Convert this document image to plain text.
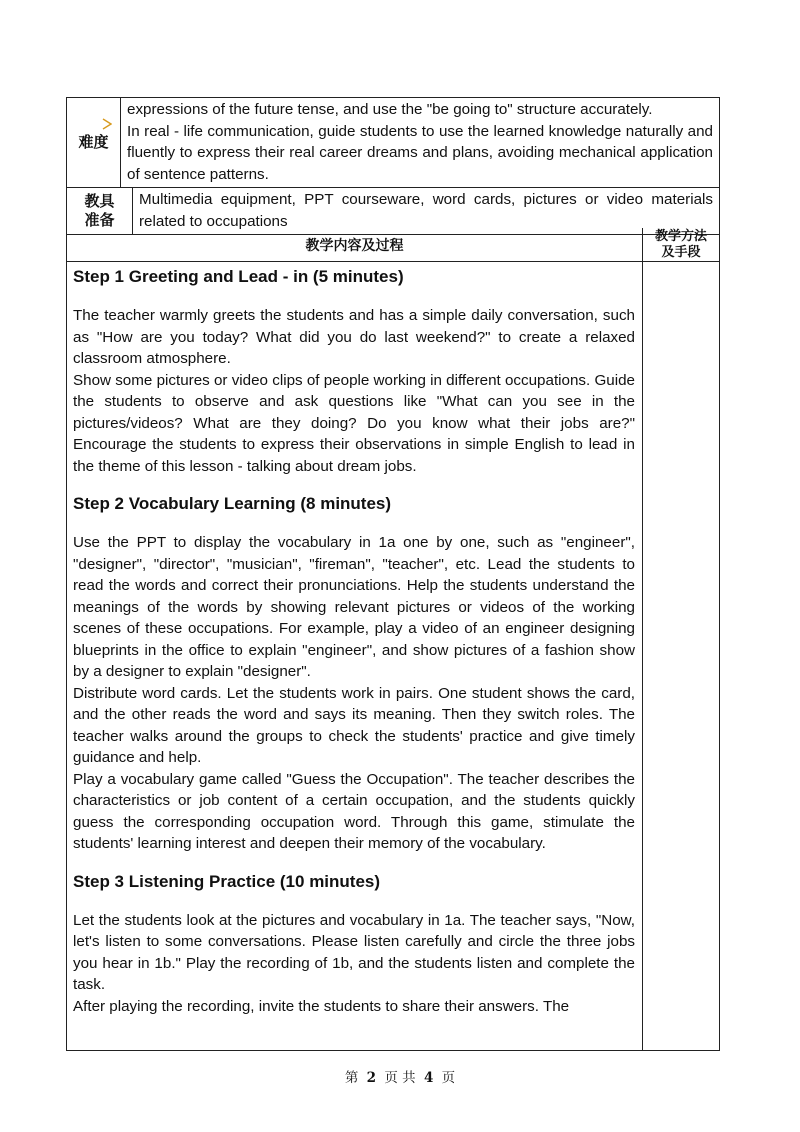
难度

expressions of the future tense, and use the "be going to" structure accurately.

In real - life communication, guide students to use the learned knowledge naturally and fluently to express their real career dreams and plans, avoiding mechanical application of sentence patterns.

教具准备

Multimedia equipment, PPT courseware, word cards, pictures or video materials related to occupations

教学内容及过程
教学方法及手段
Step 1 Greeting and Lead - in (5 minutes)
The teacher warmly greets the students and has a simple daily conversation, such as "How are you today? What did you do last weekend?" to create a relaxed classroom atmosphere.
Show some pictures or video clips of people working in different occupations. Guide the students to observe and ask questions like "What can you see in the pictures/videos? What are they doing? Do you know what their jobs are?" Encourage the students to express their observations in simple English to lead in the theme of this lesson - talking about dream jobs.
Step 2 Vocabulary Learning (8 minutes)
Use the PPT to display the vocabulary in 1a one by one, such as "engineer", "designer", "director", "musician", "fireman", "teacher", etc. Lead the students to read the words and correct their pronunciations. Help the students understand the meanings of the words by showing relevant pictures or videos of the working scenes of these occupations. For example, play a video of an engineer designing blueprints in the office to explain "engineer", and show pictures of a fashion show by a designer to explain "designer".
Distribute word cards. Let the students work in pairs. One student shows the card, and the other reads the word and says its meaning. Then they switch roles. The teacher walks around the groups to check the students' practice and give timely guidance and help.
Play a vocabulary game called "Guess the Occupation". The teacher describes the characteristics or job content of a certain occupation, and the students quickly guess the corresponding occupation word. Through this game, stimulate the students' learning interest and deepen their memory of the vocabulary.
Step 3 Listening Practice (10 minutes)
Let the students look at the pictures and vocabulary in 1a. The teacher says, "Now, let's listen to some conversations. Please listen carefully and circle the three jobs you hear in 1b." Play the recording of 1b, and the students listen and complete the task.
After playing the recording, invite the students to share their answers. The
第 2 页 共 4 页
